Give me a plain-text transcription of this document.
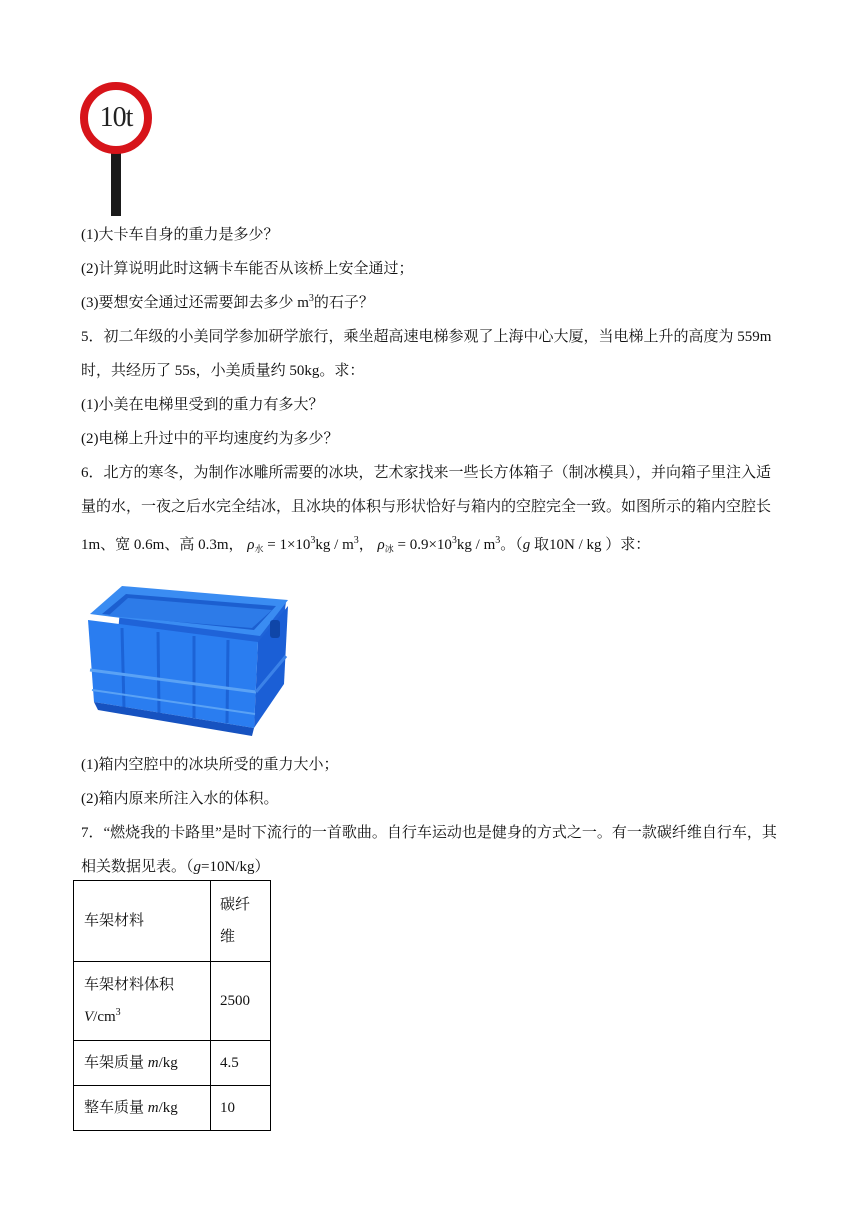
10t
(1)大卡车自身的重力是多少？
(2)计算说明此时这辆卡车能否从该桥上安全通过；
(3)要想安全通过还需要卸去多少 $m^3$的石子？
5．初二年级的小美同学参加研学旅行，乘坐超高速电梯参观了上海中心大厦，当电梯上升的高度为 559m
时，共经历了 55s，小美质量约 50kg。求：
(1)小美在电梯里受到的重力有多大？
(2)电梯上升过中的平均速度约为多少？
6．北方的寒冬，为制作冰雕所需要的冰块，艺术家找来一些长方体箱子（制冰模具），并向箱子里注入适
量的水，一夜之后水完全结冰，且冰块的体积与形状恰好与箱内的空腔完全一致。如图所示的箱内空腔长
1m、宽 0.6m、高 0.3m， $\rho_水 = 1\times 10^3kg / m^3$， $\rho_冰 = 0.9\times 10^3kg / m^3$。（g 取10N / kg ）求：
(1)箱内空腔中的冰块所受的重力大小；
(2)箱内原来所注入水的体积。
7．“燃烧我的卡路里”是时下流行的一首歌曲。自行车运动也是健身的方式之一。有一款碳纤维自行车，其
相关数据见表。（g=10N/kg）
车架材料	碳纤
维

车架材料体积
$V/cm^3$	2500
车架质量 m/kg	4.5
整车质量 m/kg	10
